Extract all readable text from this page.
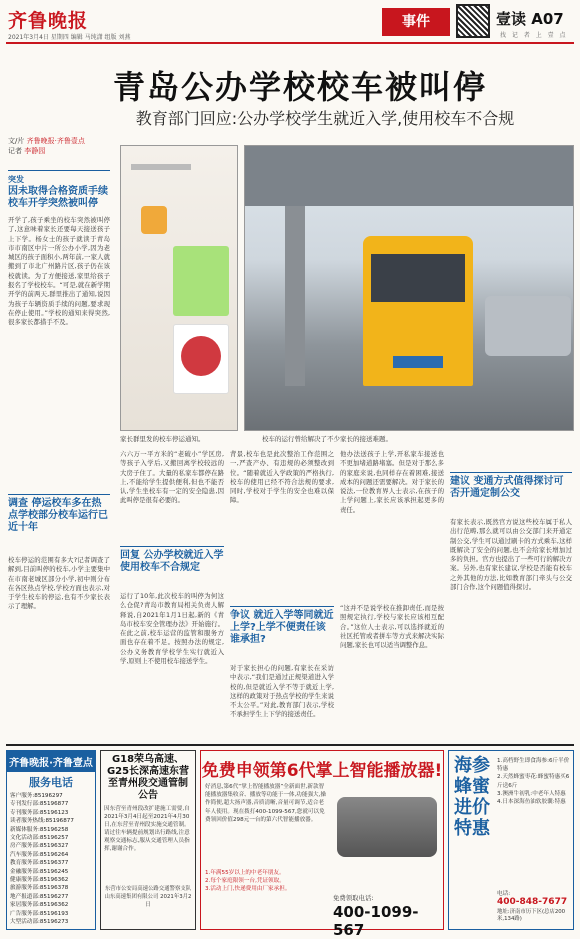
齐鲁晚报
2021年3月4日 星期四 编辑 马纯潇 组版 刘燕
事件	壹读 A07
找 记 者 上 壹 点
青岛公办学校校车被叫停
教育部门回应:公办学校学生就近入学,使用校车不合规
文/片 齐鲁晚报·齐鲁壹点
记者 李静园
突发
因未取得合格资质手续校车开学突然被叫停
开学了,孩子乘坐的校车突然被叫停了,这意味着家长还要每天接送孩子上下学。杨女士的孩子就读于青岛市市南区中片一所公办小学,因为老城区的孩子面积小,两年前,一家人就搬到了市北广州路片区,孩子仍在该校就读。为了方便接送,家里给孩子报名了学校校车。“可是,就在新学期开学的前两天,群里推出了通知,说因为孩子车辆资质手续的问题,要求现在停止使用。”学校的通知来得突然,很多家长都措手不及。
调查 停运校车多在热点学校部分校车运行已近十年
校车停运的范围有多大?记者调查了解到,目前叫停的校车,小学主要集中在市南老城区部分小学,初中则分布在各区热点学校,学校方面也表示,对于学生校车的停运,也有不少家长表示了理解。
家长群里发的校车停运通知。	校车的运行曾给解决了不少家长的接送难题。
六六万一平方米的“老破小”学区房,等孩子入学后,又搬回离学校较远的大房子住了。大量的私家车都停在路上,不能给学生提供便利,但也不能否认,学生坐校车有一定的安全隐患,因此叫停是很有必要的。
回复 公办学校就近入学使用校车不合规定
运行了10年,此次校车的叫停为何这么仓促?青岛市教育局相关负责人解释说,自2021年1月1日起,新的《青岛市校车安全管理办法》开始施行。在此之前,校车运营的监管和服务方面也存在着不足。按照办法的规定,公办义务教育学校学生实行就近入学,原则上不使用校车接送学生。
背景,校车也是此次整治工作范围之一,严查产办、有违规的必须整改到位。“随着就近入学政策的严格执行,校车的使用已经不符合法规的要求,同时,学校对于学生的安全也难以保障。
争议 就近入学等同就近上学?上学不便责任该谁承担?
对于家长担心的问题,有家长在采访中表示,“我们是通过正规渠道进入学校的,但是就近入学不等于就近上学,这样的政策对于热点学校的学生来说不太公平。”对此,教育部门表示,学校不承担学生上下学的接送责任。
他办法送孩子上学,开私家车接送也不更加堵道路堵塞。但是对于那么多的家庭来说,也同样存在着困难,接送成本的问题还需要解决。对于家长的说法,一位教育界人士表示,在孩子的上学问题上,家长应该承担起更多的责任。
“这并不是说学校在推卸责任,而是按照规定执行,学校与家长应该相互配合。”这位人士表示,可以选择就近的社区托管或者拼车等方式来解决实际问题,家长也可以适当调整作息。
建议 变通方式值得探讨可否开通定制公交
有家长表示,既然官方说这些校车属于私人出行范畴,那么就可以由公交部门来开通定制公交,学生可以通过刷卡的方式乘车,这样既解决了安全的问题,也不会给家长增加过多的负担。官方也提出了一些可行的解决方案。另外,也有家长建议,学校是否能有校车之外其他的方法,比如教育部门牵头与公交部门合作,这个问题值得探讨。
齐鲁晚报·齐鲁壹点
服务电话
客户服务:85196297
专刊发行部:85196877
专刊服务部:85196123
读者服务热线:85196877
新媒体服务:85196258
文化活动部:85196257
房产服务部:85196327
汽车服务部:85196264
教育服务部:85196377
金融服务部:85196245
健康服务部:85196362
旅游服务部:85196378
地产报道部:85196277
家居服务部:85196362
广告服务部:85196193
大型活动部:85196273
G18荣乌高速、G25长深高速东营至青州段交通管制公告
因东营至青州段改扩建施工需要,自2021年3月4日起至2021年4月30日,在东营至青州段实施交通管制。请过往车辆提前规划出行路线,注意观察交通标志,服从交通管理人员指挥,谢谢合作。
东营市公安局高速公路交通警察支队 山东高速集团有限公司 2021年3月2日
免费申领第6代掌上智能播放器!
好消息,第6代“掌上智能播放器”全新面世,新款智能播放器集收音、播放等功能于一体,功能强大,操作简便,超大扬声器,音质清晰,音量可调节,适合老年人使用。现在拨打400-1099-567,您就可以免费领回价值298元一台的第六代智能播放器。
1.年满55岁以上的中老年朋友。
2.每个家庭限领一台,凭证领取。
3.活动上门,快递费用由厂家承担。
免费领取电话:
400-1099-567
海参蜂蜜进价特惠
1.高档野生即食海参:6斤半价特惠
2.天然蜂蜜枣花:蜂蜜特惠买6斤送6斤
3.澳洲牛初乳:中老年人特惠
4.日本深海鱼油软胶囊:特惠
电话:
400-848-7677
地址:济南市历下区(总店200米,134路)
